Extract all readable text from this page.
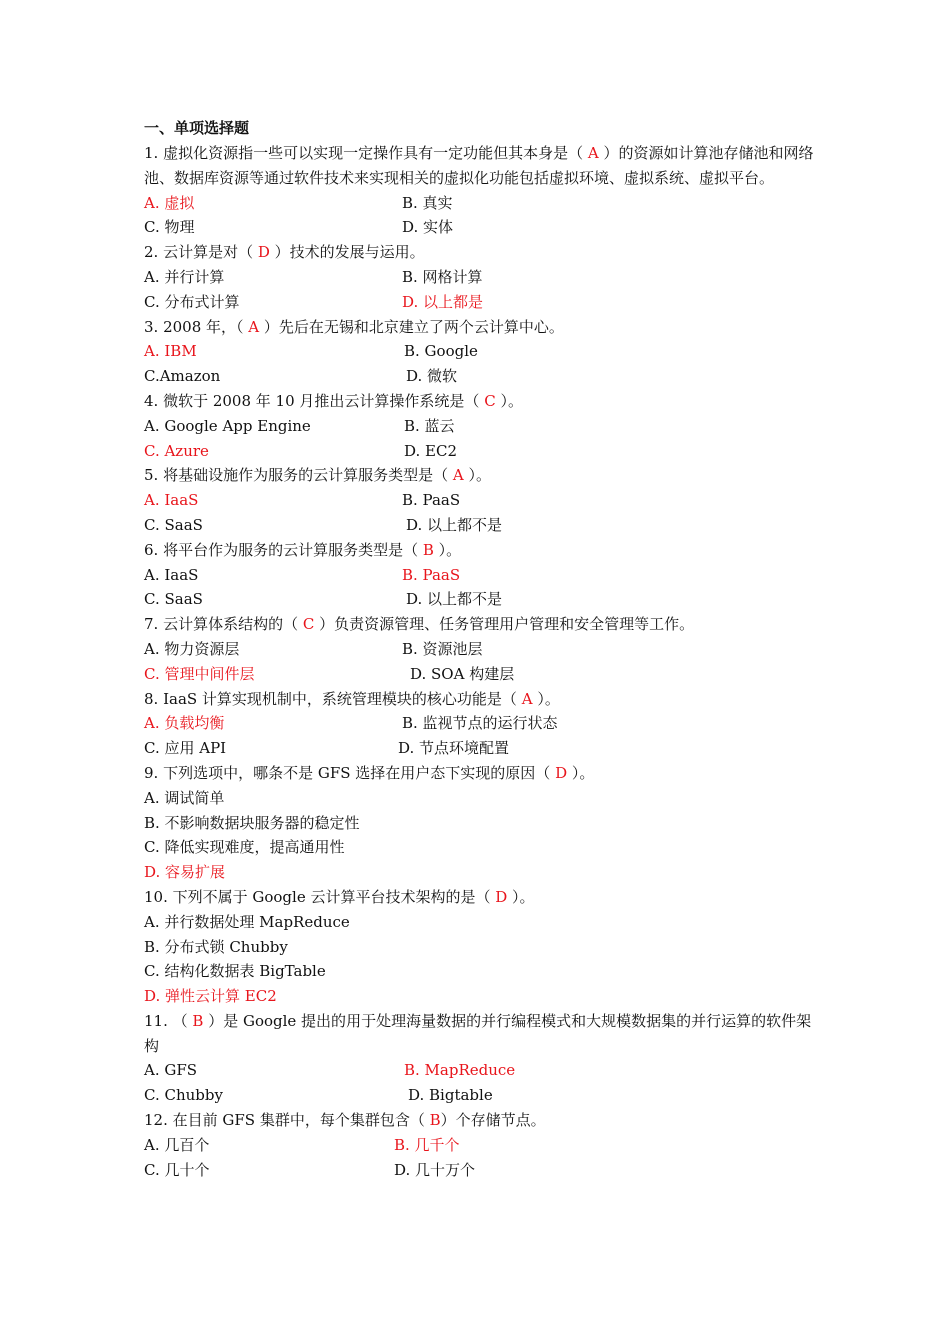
一、单项选择题
1. 虚拟化资源指一些可以实现一定操作具有一定功能但其本身是（ A ）的资源如计算池存储池和网络池、数据库资源等通过软件技术来实现相关的虚拟化功能包括虚拟环境、虚拟系统、虚拟平台。
A. 虚拟	B. 真实
C. 物理	D. 实体
2. 云计算是对（ D ）技术的发展与运用。
A. 并行计算	B. 网格计算
C. 分布式计算	D. 以上都是
3. 2008 年，（ A ）先后在无锡和北京建立了两个云计算中心。
A. IBM	B. Google
C.Amazon	D. 微软
4. 微软于 2008 年 10 月推出云计算操作系统是（ C ）。
A. Google App Engine	B. 蓝云
C. Azure	D. EC2
5. 将基础设施作为服务的云计算服务类型是（ A ）。
A. IaaS	B. PaaS
C. SaaS	D. 以上都不是
6. 将平台作为服务的云计算服务类型是（ B ）。
A. IaaS	B. PaaS
C. SaaS	D. 以上都不是
7. 云计算体系结构的（ C ）负责资源管理、任务管理用户管理和安全管理等工作。
A. 物力资源层	B. 资源池层
C. 管理中间件层	D. SOA 构建层
8. IaaS 计算实现机制中，系统管理模块的核心功能是（ A ）。
A. 负载均衡	B. 监视节点的运行状态
C. 应用 API	D. 节点环境配置
9. 下列选项中，哪条不是 GFS 选择在用户态下实现的原因（ D ）。
A. 调试简单
B. 不影响数据块服务器的稳定性
C. 降低实现难度，提高通用性
D. 容易扩展
10. 下列不属于 Google 云计算平台技术架构的是（ D ）。
A. 并行数据处理 MapReduce
B. 分布式锁 Chubby
C. 结构化数据表 BigTable
D. 弹性云计算 EC2
11. （ B ）是 Google 提出的用于处理海量数据的并行编程模式和大规模数据集的并行运算的软件架构
A. GFS	B. MapReduce
C. Chubby	D. Bigtable
12. 在目前 GFS 集群中，每个集群包含（ B）个存储节点。
A. 几百个	B. 几千个
C. 几十个	D. 几十万个
